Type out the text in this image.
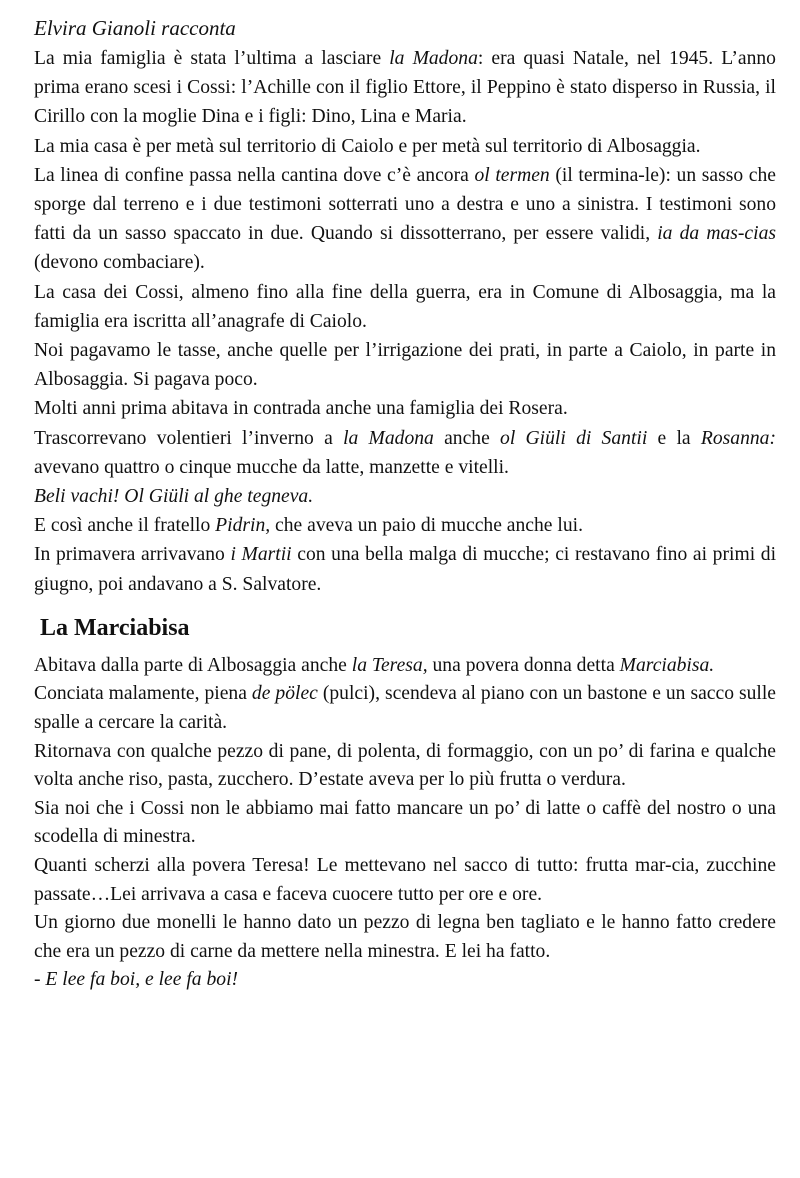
Elvira Gianoli racconta

La mia famiglia è stata l’ultima a lasciare la Madona: era quasi Natale, nel 1945. L’anno prima erano scesi i Cossi: l’Achille con il figlio Ettore, il Peppino è stato disperso in Russia, il Cirillo con la moglie Dina e i figli: Dino, Lina e Maria.

La mia casa è per metà sul territorio di Caiolo e per metà sul territorio di Albosaggia.

La linea di confine passa nella cantina dove c’è ancora ol termen (il termina-le): un sasso che sporge dal terreno e i due testimoni sotterrati uno a destra e uno a sinistra. I testimoni sono fatti da un sasso spaccato in due. Quando si dissotterrano, per essere validi, ia da mas-cias (devono combaciare).

La casa dei Cossi, almeno fino alla fine della guerra, era in Comune di Albosaggia, ma la famiglia era iscritta all’anagrafe di Caiolo.

Noi pagavamo le tasse, anche quelle per l’irrigazione dei prati, in parte a Caiolo, in parte in Albosaggia. Si pagava poco.

Molti anni prima abitava in contrada anche una famiglia dei Rosera.

Trascorrevano volentieri l’inverno a la Madona anche ol Giüli di Santii e la Rosanna: avevano quattro o cinque mucche da latte, manzette e vitelli.

Beli vachi! Ol Giüli al ghe tegneva.

E così anche il fratello Pidrin, che aveva un paio di mucche anche lui.

In primavera arrivavano i Martii con una bella malga di mucche; ci restavano fino ai primi di giugno, poi andavano a S. Salvatore.

La Marciabisa

Abitava dalla parte di Albosaggia anche la Teresa, una povera donna detta Marciabisa.

Conciata malamente, piena de pölec (pulci), scendeva al piano con un bastone e un sacco sulle spalle a cercare la carità.

Ritornava con qualche pezzo di pane, di polenta, di formaggio, con un po’ di farina e qualche volta anche riso, pasta, zucchero. D’estate aveva per lo più frutta o verdura.

Sia noi che i Cossi non le abbiamo mai fatto mancare un po’ di latte o caffè del nostro o una scodella di minestra.

Quanti scherzi alla povera Teresa! Le mettevano nel sacco di tutto: frutta mar-cia, zucchine passate…Lei arrivava a casa e faceva cuocere tutto per ore e ore.

Un giorno due monelli le hanno dato un pezzo di legna ben tagliato e le hanno fatto credere che era un pezzo di carne da mettere nella minestra. E lei ha fatto.

- E lee fa boi, e lee fa boi!
